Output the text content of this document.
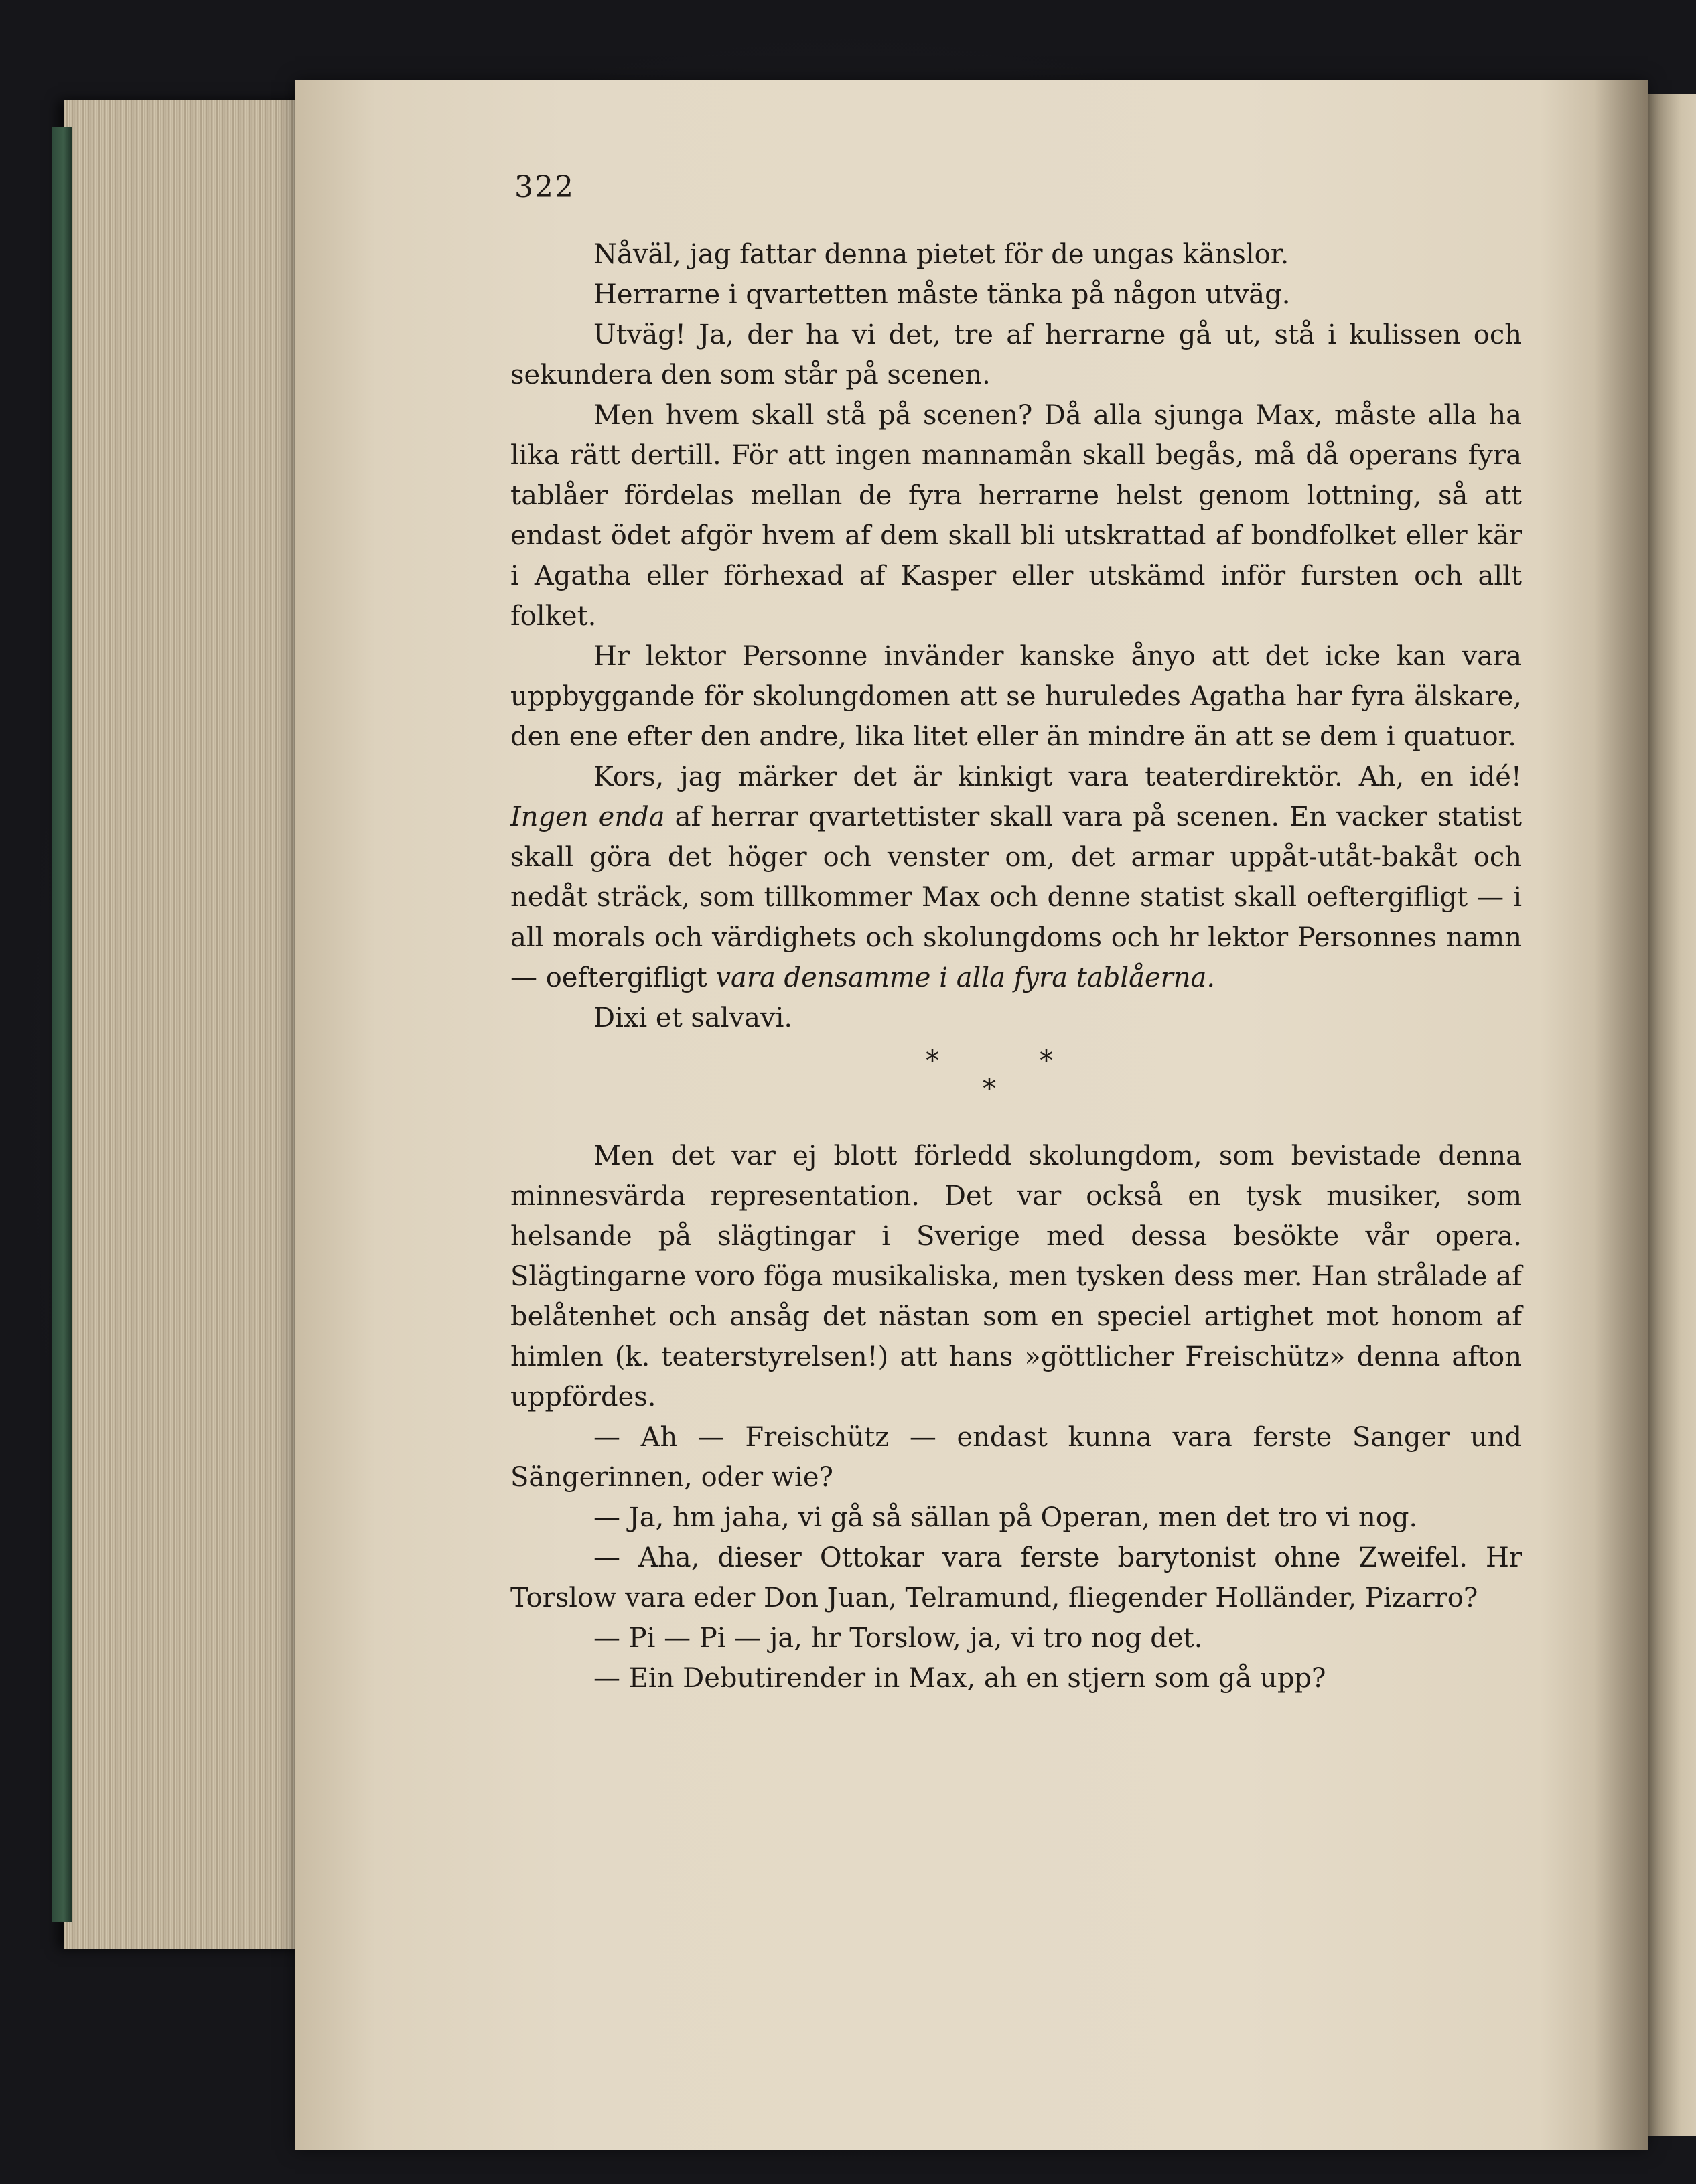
322

Nåväl, jag fattar denna pietet för de ungas känslor.

Herrarne i qvartetten måste tänka på någon utväg.

Utväg! Ja, der ha vi det, tre af herrarne gå ut, stå i kulissen och sekundera den som står på scenen.

Men hvem skall stå på scenen? Då alla sjunga Max, måste alla ha lika rätt dertill. För att ingen mannamån skall begås, må då operans fyra tablåer fördelas mellan de fyra herrarne helst genom lottning, så att endast ödet afgör hvem af dem skall bli utskrattad af bondfolket eller kär i Agatha eller förhexad af Kasper eller utskämd inför fursten och allt folket.

Hr lektor Personne invänder kanske ånyo att det icke kan vara uppbyggande för skolungdomen att se huruledes Agatha har fyra älskare, den ene efter den andre, lika litet eller än mindre än att se dem i quatuor.

Kors, jag märker det är kinkigt vara teaterdirektör. Ah, en idé! Ingen enda af herrar qvartettister skall vara på scenen. En vacker statist skall göra det höger och venster om, det armar uppåt-utåt-bakåt och nedåt sträck, som tillkommer Max och denne statist skall oeftergifligt — i all morals och värdighets och skolungdoms och hr lektor Personnes namn — oeftergifligt vara densamme i alla fyra tablåerna.

Dixi et salvavi.

*	*
*

Men det var ej blott förledd skolungdom, som bevistade denna minnesvärda representation. Det var också en tysk musiker, som helsande på slägtingar i Sverige med dessa besökte vår opera. Slägtingarne voro föga musikaliska, men tysken dess mer. Han strålade af belåtenhet och ansåg det nästan som en speciel artighet mot honom af himlen (k. teaterstyrelsen!) att hans »göttlicher Freischütz» denna afton uppfördes.

— Ah — Freischütz — endast kunna vara ferste Sanger und Sängerinnen, oder wie?

— Ja, hm jaha, vi gå så sällan på Operan, men det tro vi nog.

— Aha, dieser Ottokar vara ferste barytonist ohne Zweifel. Hr Torslow vara eder Don Juan, Telramund, fliegender Holländer, Pizarro?

— Pi — Pi — ja, hr Torslow, ja, vi tro nog det.

— Ein Debutirender in Max, ah en stjern som gå upp?
